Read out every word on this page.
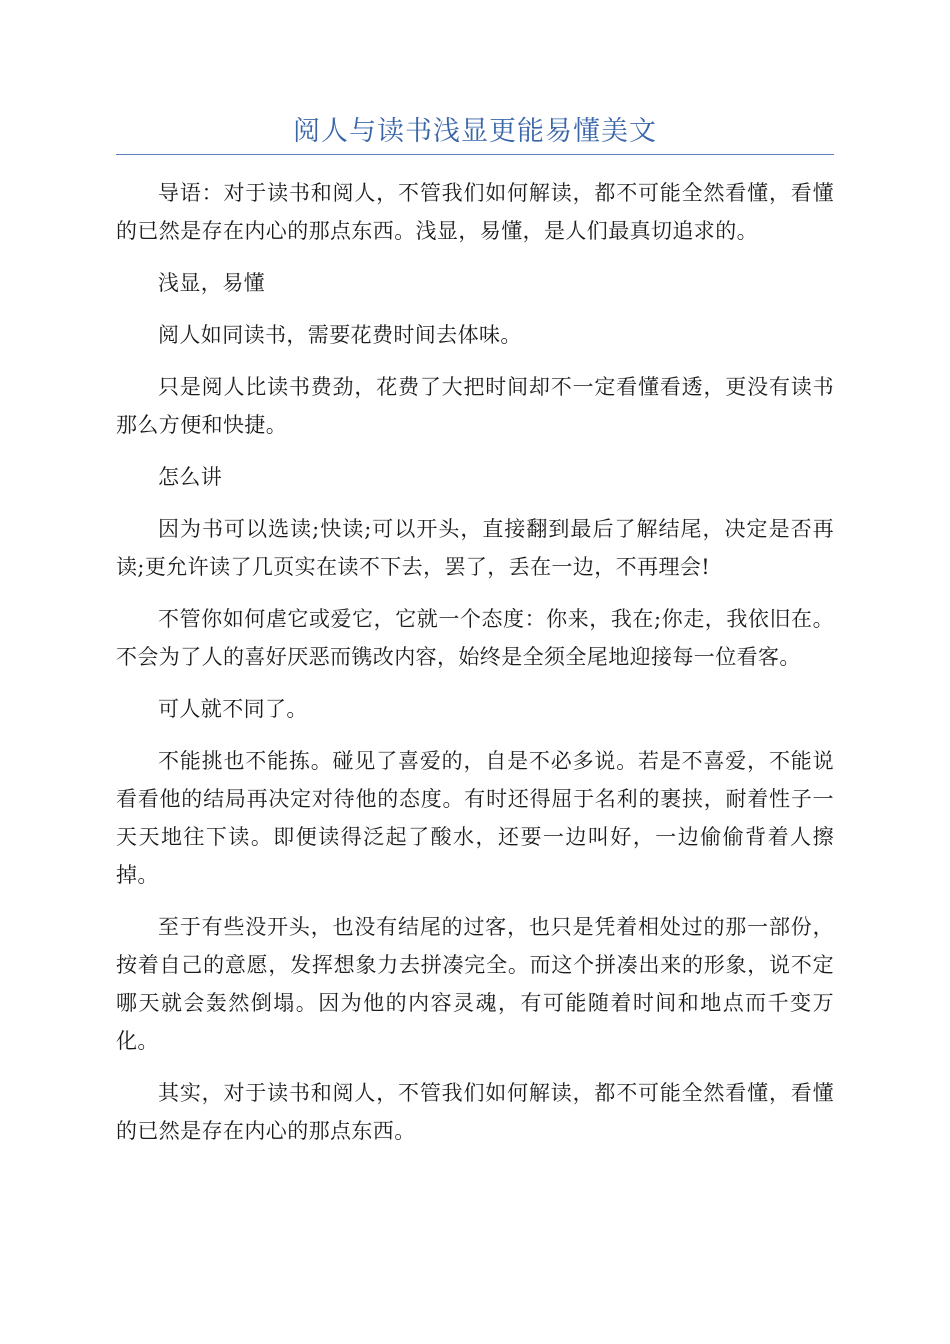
阅人与读书浅显更能易懂美文

导语：对于读书和阅人，不管我们如何解读，都不可能全然看懂，看懂的已然是存在内心的那点东西。浅显，易懂，是人们最真切追求的。

浅显，易懂

阅人如同读书，需要花费时间去体味。

只是阅人比读书费劲，花费了大把时间却不一定看懂看透，更没有读书那么方便和快捷。

怎么讲

因为书可以选读;快读;可以开头，直接翻到最后了解结尾，决定是否再读;更允许读了几页实在读不下去，罢了，丢在一边，不再理会!

不管你如何虐它或爱它，它就一个态度：你来，我在;你走，我依旧在。不会为了人的喜好厌恶而镌改内容，始终是全须全尾地迎接每一位看客。

可人就不同了。

不能挑也不能拣。碰见了喜爱的，自是不必多说。若是不喜爱，不能说看看他的结局再决定对待他的态度。有时还得屈于名利的裹挟，耐着性子一天天地往下读。即便读得泛起了酸水，还要一边叫好，一边偷偷背着人擦掉。

至于有些没开头，也没有结尾的过客，也只是凭着相处过的那一部份，按着自己的意愿，发挥想象力去拼凑完全。而这个拼凑出来的形象，说不定哪天就会轰然倒塌。因为他的内容灵魂，有可能随着时间和地点而千变万化。

其实，对于读书和阅人，不管我们如何解读，都不可能全然看懂，看懂的已然是存在内心的那点东西。
